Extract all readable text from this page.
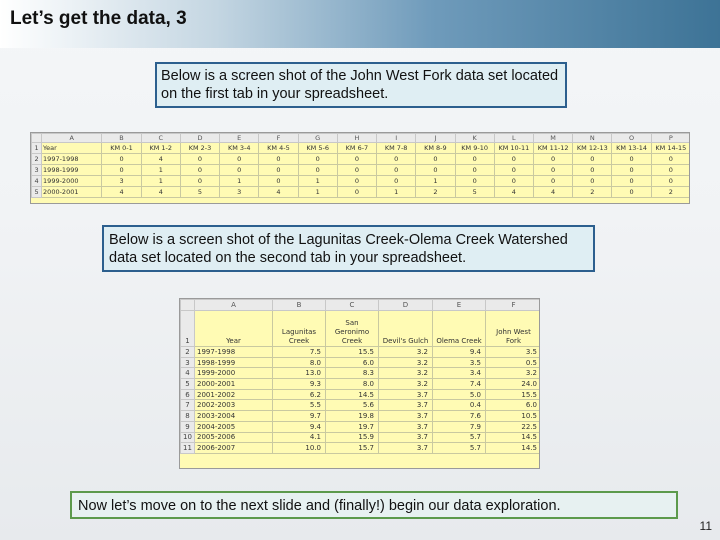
Let’s get the data, 3
Below is a screen shot of the John West Fork data set located on the first tab in your spreadsheet.
	A	B	C	D	E	F	G	H	I	J	K	L	M	N	O	P
1	Year	KM 0-1	KM 1-2	KM 2-3	KM 3-4	KM 4-5	KM 5-6	KM 6-7	KM 7-8	KM 8-9	KM 9-10	KM 10-11	KM 11-12	KM 12-13	KM 13-14	KM 14-15
2	1997-1998	0	4	0	0	0	0	0	0	0	0	0	0	0	0	0
3	1998-1999	0	1	0	0	0	0	0	0	0	0	0	0	0	0	0
4	1999-2000	3	1	0	1	0	1	0	0	1	0	0	0	0	0	0
5	2000-2001	4	4	5	3	4	1	0	1	2	5	4	4	2	0	2
Below is a screen shot of the Lagunitas Creek-Olema Creek Watershed data set located on the second tab in your spreadsheet.
	A	B	C	D	E	F
1	Year	Lagunitas Creek	San Geronimo Creek	Devil's Gulch	Olema Creek	John West Fork
2	1997-1998	7.5	15.5	3.2	9.4	3.5
3	1998-1999	8.0	6.0	3.2	3.5	0.5
4	1999-2000	13.0	8.3	3.2	3.4	3.2
5	2000-2001	9.3	8.0	3.2	7.4	24.0
6	2001-2002	6.2	14.5	3.7	5.0	15.5
7	2002-2003	5.5	5.6	3.7	0.4	6.0
8	2003-2004	9.7	19.8	3.7	7.6	10.5
9	2004-2005	9.4	19.7	3.7	7.9	22.5
10	2005-2006	4.1	15.9	3.7	5.7	14.5
11	2006-2007	10.0	15.7	3.7	5.7	14.5
Now let’s move on to the next slide and (finally!) begin our data exploration.
11
